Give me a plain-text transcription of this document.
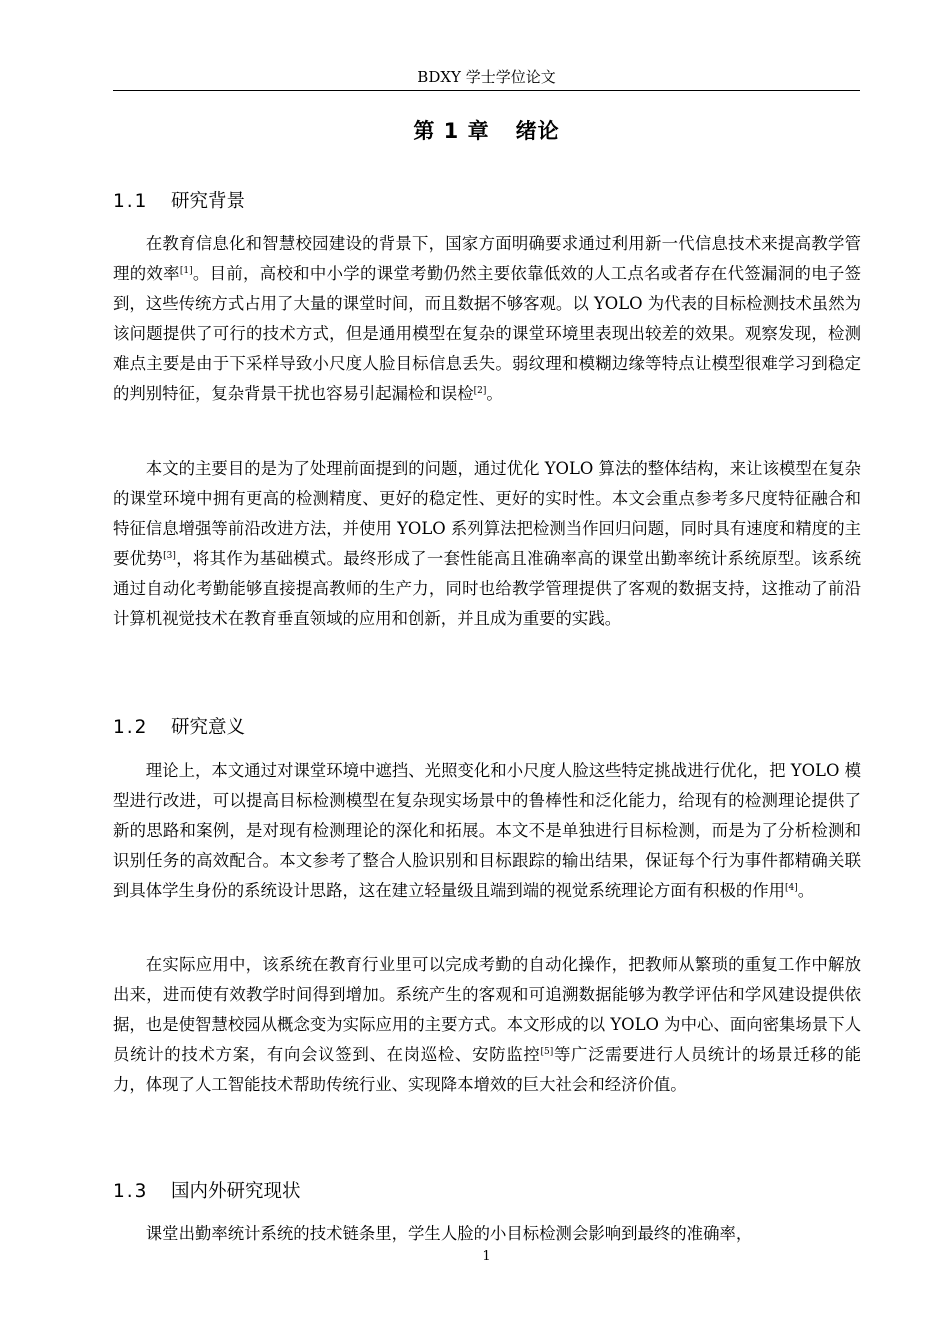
BDXY 学士学位论文
第 1 章 绪论
1.1 研究背景

在教育信息化和智慧校园建设的背景下，国家方面明确要求通过利用新一代信息技术来提高教学管理的效率[1]。目前，高校和中小学的课堂考勤仍然主要依靠低效的人工点名或者存在代签漏洞的电子签到，这些传统方式占用了大量的课堂时间，而且数据不够客观。以 YOLO 为代表的目标检测技术虽然为该问题提供了可行的技术方式，但是通用模型在复杂的课堂环境里表现出较差的效果。观察发现，检测难点主要是由于下采样导致小尺度人脸目标信息丢失。弱纹理和模糊边缘等特点让模型很难学习到稳定的判别特征，复杂背景干扰也容易引起漏检和误检[2]。

本文的主要目的是为了处理前面提到的问题，通过优化 YOLO 算法的整体结构，来让该模型在复杂的课堂环境中拥有更高的检测精度、更好的稳定性、更好的实时性。本文会重点参考多尺度特征融合和特征信息增强等前沿改进方法，并使用 YOLO 系列算法把检测当作回归问题，同时具有速度和精度的主要优势[3]，将其作为基础模式。最终形成了一套性能高且准确率高的课堂出勤率统计系统原型。该系统通过自动化考勤能够直接提高教师的生产力，同时也给教学管理提供了客观的数据支持，这推动了前沿计算机视觉技术在教育垂直领域的应用和创新，并且成为重要的实践。

1.2 研究意义

理论上，本文通过对课堂环境中遮挡、光照变化和小尺度人脸这些特定挑战进行优化，把 YOLO 模型进行改进，可以提高目标检测模型在复杂现实场景中的鲁棒性和泛化能力，给现有的检测理论提供了新的思路和案例，是对现有检测理论的深化和拓展。本文不是单独进行目标检测，而是为了分析检测和识别任务的高效配合。本文参考了整合人脸识别和目标跟踪的输出结果，保证每个行为事件都精确关联到具体学生身份的系统设计思路，这在建立轻量级且端到端的视觉系统理论方面有积极的作用[4]。

在实际应用中，该系统在教育行业里可以完成考勤的自动化操作，把教师从繁琐的重复工作中解放出来，进而使有效教学时间得到增加。系统产生的客观和可追溯数据能够为教学评估和学风建设提供依据，也是使智慧校园从概念变为实际应用的主要方式。本文形成的以 YOLO 为中心、面向密集场景下人员统计的技术方案，有向会议签到、在岗巡检、安防监控[5]等广泛需要进行人员统计的场景迁移的能力，体现了人工智能技术帮助传统行业、实现降本增效的巨大社会和经济价值。

1.3 国内外研究现状

课堂出勤率统计系统的技术链条里，学生人脸的小目标检测会影响到最终的准确率，

1
